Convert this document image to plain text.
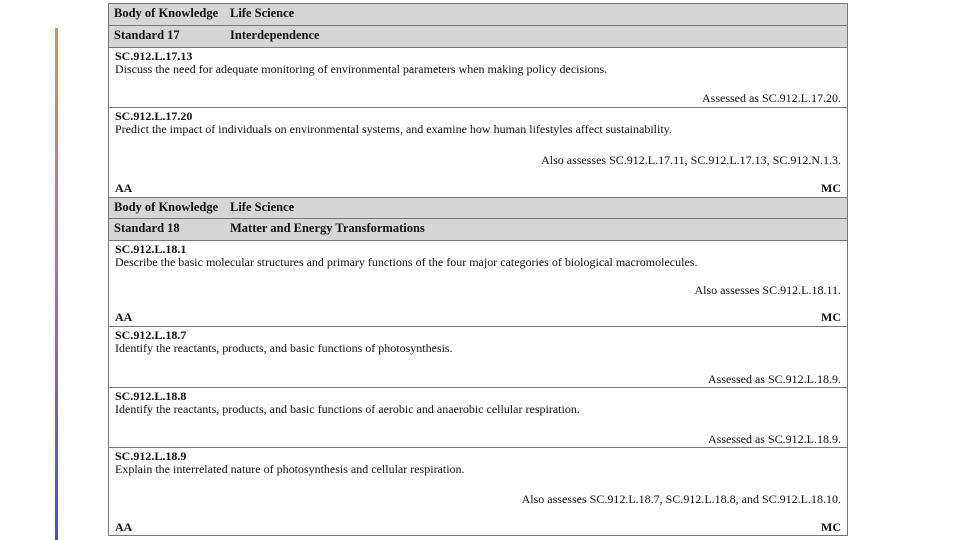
Body of Knowledge Life Science
Standard 17	Interdependence
SC.912.L.17.13
Discuss the need for adequate monitoring of environmental parameters when making policy decisions.
Assessed as SC.912.L.17.20.
SC.912.L.17.20
Predict the impact of individuals on environmental systems, and examine how human lifestyles affect sustainability.
Also assesses SC.912.L.17.11, SC.912.L.17.13, SC.912.N.1.3.
AA	MC
Body of Knowledge Life Science
Standard 18	Matter and Energy Transformations
SC.912.L.18.1
Describe the basic molecular structures and primary functions of the four major categories of biological macromolecules.
Also assesses SC.912.L.18.11.
AA	MC
SC.912.L.18.7
Identify the reactants, products, and basic functions of photosynthesis.
Assessed as SC.912.L.18.9.
SC.912.L.18.8
Identify the reactants, products, and basic functions of aerobic and anaerobic cellular respiration.
Assessed as SC.912.L.18.9.
SC.912.L.18.9
Explain the interrelated nature of photosynthesis and cellular respiration.
Also assesses SC.912.L.18.7, SC.912.L.18.8, and SC.912.L.18.10.
AA	MC
